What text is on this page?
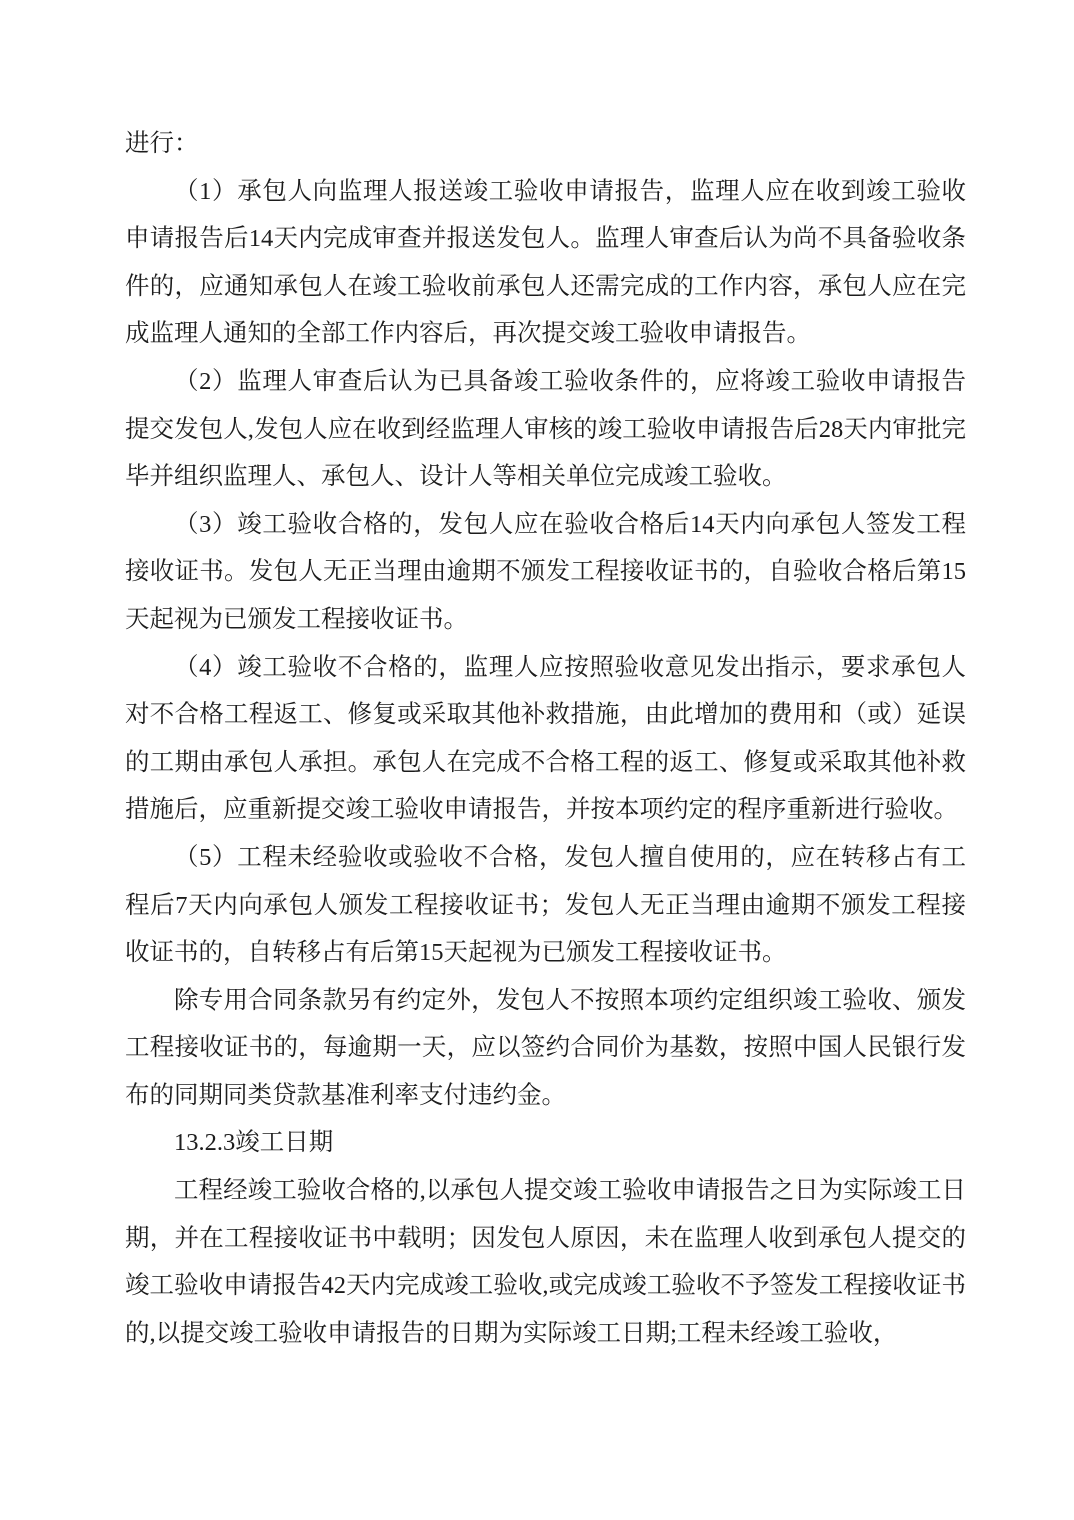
进行：

（1）承包人向监理人报送竣工验收申请报告，监理人应在收到竣工验收申请报告后14天内完成审查并报送发包人。监理人审查后认为尚不具备验收条件的，应通知承包人在竣工验收前承包人还需完成的工作内容，承包人应在完成监理人通知的全部工作内容后，再次提交竣工验收申请报告。

（2）监理人审查后认为已具备竣工验收条件的，应将竣工验收申请报告提交发包人,发包人应在收到经监理人审核的竣工验收申请报告后28天内审批完毕并组织监理人、承包人、设计人等相关单位完成竣工验收。

（3）竣工验收合格的，发包人应在验收合格后14天内向承包人签发工程接收证书。发包人无正当理由逾期不颁发工程接收证书的，自验收合格后第15天起视为已颁发工程接收证书。

（4）竣工验收不合格的，监理人应按照验收意见发出指示，要求承包人对不合格工程返工、修复或采取其他补救措施，由此增加的费用和（或）延误的工期由承包人承担。承包人在完成不合格工程的返工、修复或采取其他补救措施后，应重新提交竣工验收申请报告，并按本项约定的程序重新进行验收。

（5）工程未经验收或验收不合格，发包人擅自使用的，应在转移占有工程后7天内向承包人颁发工程接收证书；发包人无正当理由逾期不颁发工程接收证书的，自转移占有后第15天起视为已颁发工程接收证书。

除专用合同条款另有约定外，发包人不按照本项约定组织竣工验收、颁发工程接收证书的，每逾期一天，应以签约合同价为基数，按照中国人民银行发布的同期同类贷款基准利率支付违约金。

13.2.3竣工日期

工程经竣工验收合格的,以承包人提交竣工验收申请报告之日为实际竣工日期，并在工程接收证书中载明；因发包人原因，未在监理人收到承包人提交的竣工验收申请报告42天内完成竣工验收,或完成竣工验收不予签发工程接收证书的,以提交竣工验收申请报告的日期为实际竣工日期;工程未经竣工验收，
